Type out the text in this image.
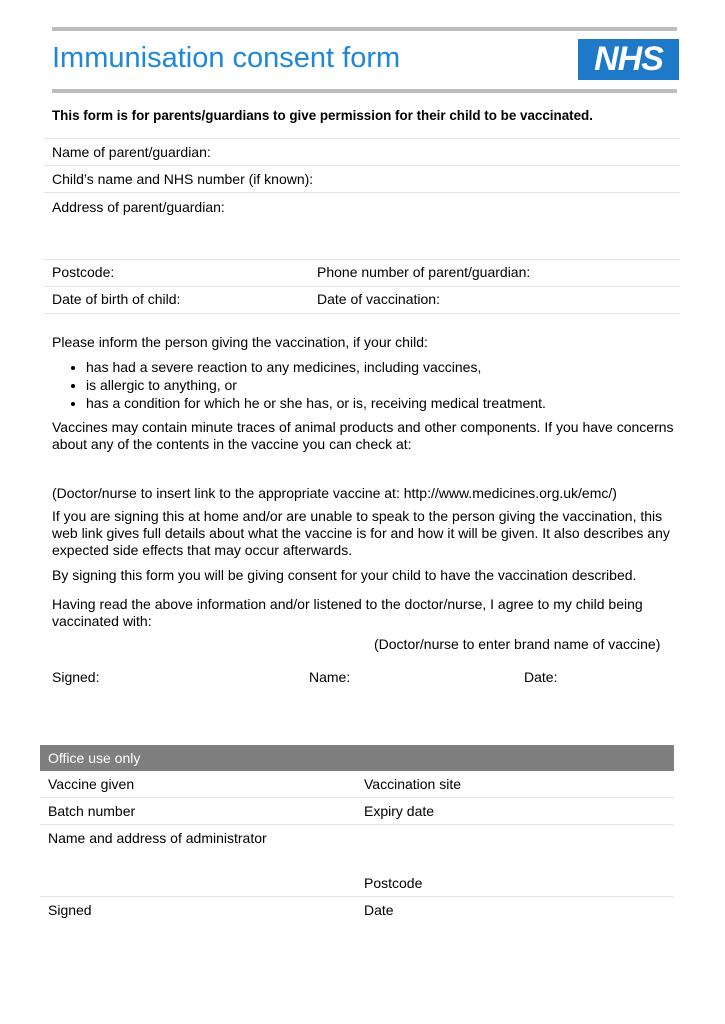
Immunisation consent form	NHS
This form is for parents/guardians to give permission for their child to be vaccinated.
Name of parent/guardian:
Child’s name and NHS number (if known):
Address of parent/guardian:
Postcode:	Phone number of parent/guardian:
Date of birth of child:	Date of vaccination:
Please inform the person giving the vaccination, if your child:
• has had a severe reaction to any medicines, including vaccines,
• is allergic to anything, or
• has a condition for which he or she has, or is, receiving medical treatment.
Vaccines may contain minute traces of animal products and other components. If you have concerns about any of the contents in the vaccine you can check at:
(Doctor/nurse to insert link to the appropriate vaccine at: http://www.medicines.org.uk/emc/)
If you are signing this at home and/or are unable to speak to the person giving the vaccination, this web link gives full details about what the vaccine is for and how it will be given. It also describes any expected side effects that may occur afterwards.
By signing this form you will be giving consent for your child to have the vaccination described.
Having read the above information and/or listened to the doctor/nurse, I agree to my child being vaccinated with:
(Doctor/nurse to enter brand name of vaccine)
Signed:	Name:	Date:
Office use only
Vaccine given	Vaccination site
Batch number	Expiry date
Name and address of administrator
Postcode
Signed	Date
